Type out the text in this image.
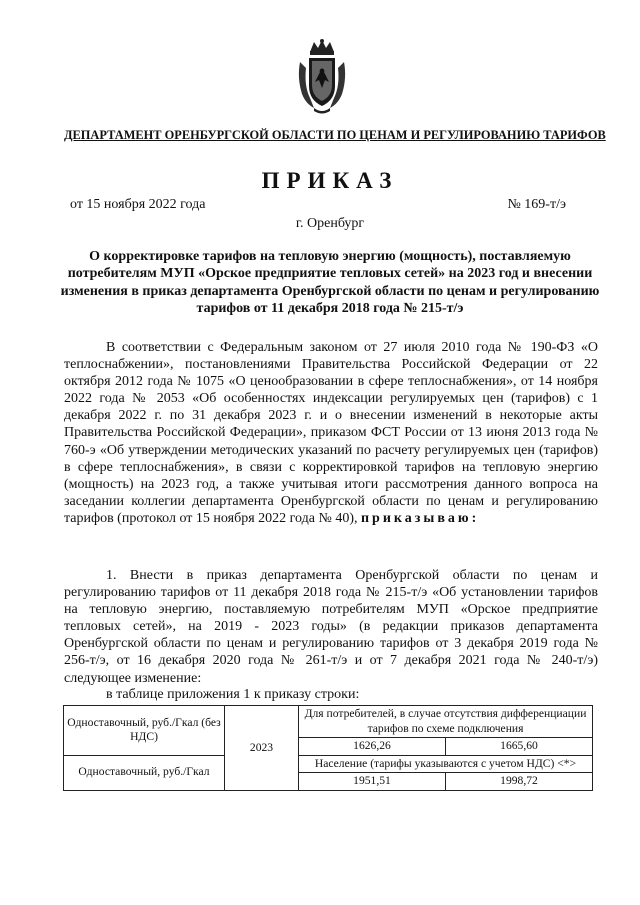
ДЕПАРТАМЕНТ ОРЕНБУРГСКОЙ ОБЛАСТИ ПО ЦЕНАМ И РЕГУЛИРОВАНИЮ ТАРИФОВ
ПРИКАЗ
от 15 ноября 2022 года	№ 169-т/э
г. Оренбург
О корректировке тарифов на тепловую энергию (мощность), поставляемую потребителям МУП «Орское предприятие тепловых сетей» на 2023 год и внесении изменения в приказ департамента Оренбургской области по ценам и регулированию тарифов от 11 декабря 2018 года № 215-т/э
В соответствии с Федеральным законом от 27 июля 2010 года № 190-ФЗ «О теплоснабжении», постановлениями Правительства Российской Федерации от 22 октября 2012 года № 1075 «О ценообразовании в сфере теплоснабжения», от 14 ноября 2022 года № 2053 «Об особенностях индексации регулируемых цен (тарифов) с 1 декабря 2022 г. по 31 декабря 2023 г. и о внесении изменений в некоторые акты Правительства Российской Федерации», приказом ФСТ России от 13 июня 2013 года № 760-э «Об утверждении методических указаний по расчету регулируемых цен (тарифов) в сфере теплоснабжения», в связи с корректировкой тарифов на тепловую энергию (мощность) на 2023 год, а также учитывая итоги рассмотрения данного вопроса на заседании коллегии департамента Оренбургской области по ценам и регулированию тарифов (протокол от 15 ноября 2022 года № 40), приказываю:
1. Внести в приказ департамента Оренбургской области по ценам и регулированию тарифов от 11 декабря 2018 года № 215-т/э «Об установлении тарифов на тепловую энергию, поставляемую потребителям МУП «Орское предприятие тепловых сетей», на 2019 - 2023 годы» (в редакции приказов департамента Оренбургской области по ценам и регулированию тарифов от 3 декабря 2019 года № 256-т/э, от 16 декабря 2020 года № 261-т/э и от 7 декабря 2021 года № 240-т/э) следующее изменение:
в таблице приложения 1 к приказу строки:
Одноставочный, руб./Гкал (без НДС)	2023	Для потребителей, в случае отсутствия дифференциации тарифов по схеме подключения	
		1626,26	1665,60
Одноставочный, руб./Гкал		Население (тарифы указываются с учетом НДС) <*>	
		1951,51	1998,72
